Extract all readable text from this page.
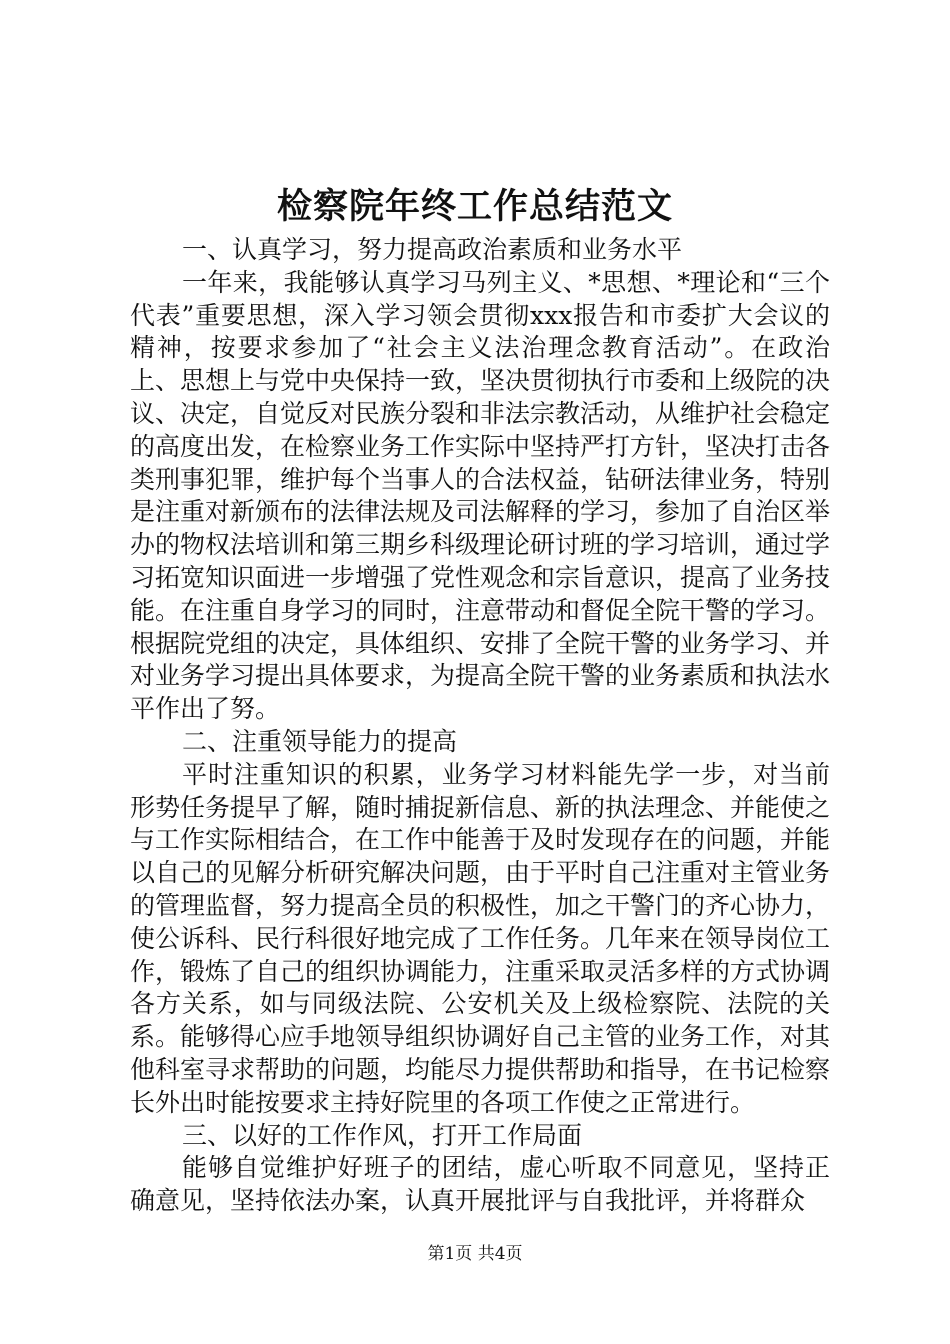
检察院年终工作总结范文

一、认真学习，努力提高政治素质和业务水平

一年来，我能够认真学习马列主义、*思想、*理论和“三个代表”重要思想，深入学习领会贯彻xxx报告和市委扩大会议的精神，按要求参加了“社会主义法治理念教育活动”。在政治上、思想上与党中央保持一致，坚决贯彻执行市委和上级院的决议、决定，自觉反对民族分裂和非法宗教活动，从维护社会稳定的高度出发，在检察业务工作实际中坚持严打方针，坚决打击各类刑事犯罪，维护每个当事人的合法权益，钻研法律业务，特别是注重对新颁布的法律法规及司法解释的学习，参加了自治区举办的物权法培训和第三期乡科级理论研讨班的学习培训，通过学习拓宽知识面进一步增强了党性观念和宗旨意识，提高了业务技能。在注重自身学习的同时，注意带动和督促全院干警的学习。根据院党组的决定，具体组织、安排了全院干警的业务学习、并对业务学习提出具体要求，为提高全院干警的业务素质和执法水平作出了努。

二、注重领导能力的提高

平时注重知识的积累，业务学习材料能先学一步，对当前形势任务提早了解，随时捕捉新信息、新的执法理念、并能使之与工作实际相结合，在工作中能善于及时发现存在的问题，并能以自己的见解分析研究解决问题，由于平时自己注重对主管业务的管理监督，努力提高全员的积极性，加之干警门的齐心协力，使公诉科、民行科很好地完成了工作任务。几年来在领导岗位工作，锻炼了自己的组织协调能力，注重采取灵活多样的方式协调各方关系，如与同级法院、公安机关及上级检察院、法院的关系。能够得心应手地领导组织协调好自己主管的业务工作，对其他科室寻求帮助的问题，均能尽力提供帮助和指导，在书记检察长外出时能按要求主持好院里的各项工作使之正常进行。

三、以好的工作作风，打开工作局面

能够自觉维护好班子的团结，虚心听取不同意见，坚持正确意见，坚持依法办案，认真开展批评与自我批评，并将群众

第1页 共4页
